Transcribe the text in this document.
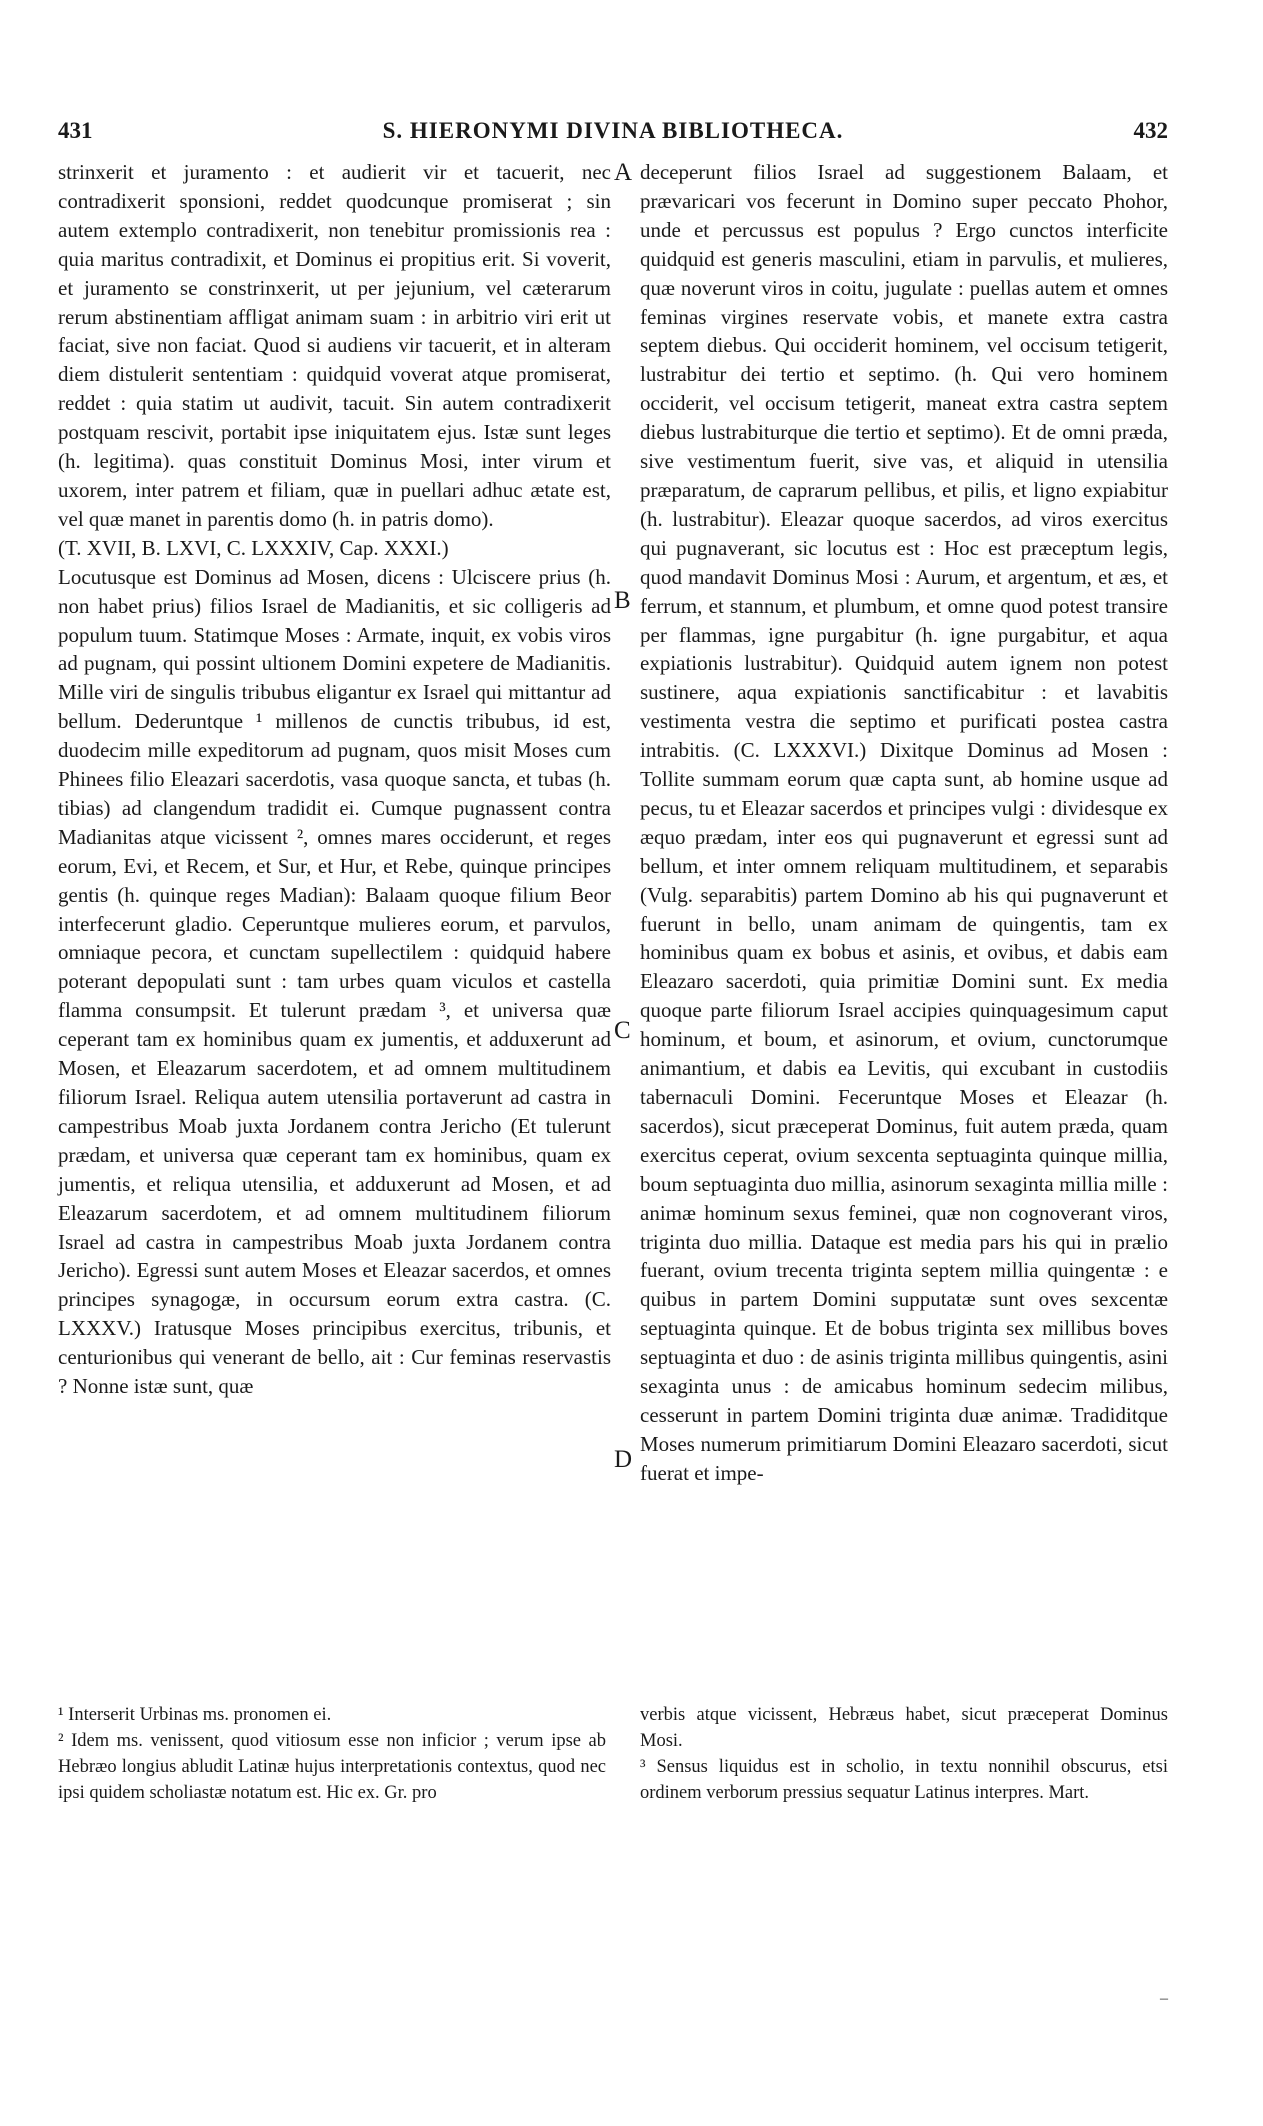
431	S. HIERONYMI DIVINA BIBLIOTHECA.	432

strinxerit et juramento : et audierit vir et tacuerit, nec contradixerit sponsioni, reddet quodcunque promiserat ; sin autem extemplo contradixerit, non tenebitur promissionis rea : quia maritus contradixit, et Dominus ei propitius erit. Si voverit, et juramento se constrinxerit, ut per jejunium, vel cæterarum rerum abstinentiam affligat animam suam : in arbitrio viri erit ut faciat, sive non faciat. Quod si audiens vir tacuerit, et in alteram diem distulerit sententiam : quidquid voverat atque promiserat, reddet : quia statim ut audivit, tacuit. Sin autem contradixerit postquam rescivit, portabit ipse iniquitatem ejus. Istæ sunt leges (h. legitima). quas constituit Dominus Mosi, inter virum et uxorem, inter patrem et filiam, quæ in puellari adhuc ætate est, vel quæ manet in parentis domo (h. in patris domo).

(T. XVII, B. LXVI, C. LXXXIV, Cap. XXXI.)

Locutusque est Dominus ad Mosen, dicens : Ulciscere prius (h. non habet prius) filios Israel de Madianitis, et sic colligeris ad populum tuum. Statimque Moses : Armate, inquit, ex vobis viros ad pugnam, qui possint ultionem Domini expetere de Madianitis. Mille viri de singulis tribubus eligantur ex Israel qui mittantur ad bellum. Dederuntque ¹ millenos de cunctis tribubus, id est, duodecim mille expeditorum ad pugnam, quos misit Moses cum Phinees filio Eleazari sacerdotis, vasa quoque sancta, et tubas (h. tibias) ad clangendum tradidit ei. Cumque pugnassent contra Madianitas atque vicissent ², omnes mares occiderunt, et reges eorum, Evi, et Recem, et Sur, et Hur, et Rebe, quinque principes gentis (h. quinque reges Madian): Balaam quoque filium Beor interfecerunt gladio. Ceperuntque mulieres eorum, et parvulos, omniaque pecora, et cunctam supellectilem : quidquid habere poterant depopulati sunt : tam urbes quam viculos et castella flamma consumpsit. Et tulerunt prædam ³, et universa quæ ceperant tam ex hominibus quam ex jumentis, et adduxerunt ad Mosen, et Eleazarum sacerdotem, et ad omnem multitudinem filiorum Israel. Reliqua autem utensilia portaverunt ad castra in campestribus Moab juxta Jordanem contra Jericho (Et tulerunt prædam, et universa quæ ceperant tam ex hominibus, quam ex jumentis, et reliqua utensilia, et adduxerunt ad Mosen, et ad Eleazarum sacerdotem, et ad omnem multitudinem filiorum Israel ad castra in campestribus Moab juxta Jordanem contra Jericho). Egressi sunt autem Moses et Eleazar sacerdos, et omnes principes synagogæ, in occursum eorum extra castra. (C. LXXXV.) Iratusque Moses principibus exercitus, tribunis, et centurionibus qui venerant de bello, ait : Cur feminas reservastis ? Nonne istæ sunt, quæ

A
B
C
D

deceperunt filios Israel ad suggestionem Balaam, et prævaricari vos fecerunt in Domino super peccato Phohor, unde et percussus est populus ? Ergo cunctos interficite quidquid est generis masculini, etiam in parvulis, et mulieres, quæ noverunt viros in coitu, jugulate : puellas autem et omnes feminas virgines reservate vobis, et manete extra castra septem diebus. Qui occiderit hominem, vel occisum tetigerit, lustrabitur dei tertio et septimo. (h. Qui vero hominem occiderit, vel occisum tetigerit, maneat extra castra septem diebus lustrabiturque die tertio et septimo). Et de omni præda, sive vestimentum fuerit, sive vas, et aliquid in utensilia præparatum, de caprarum pellibus, et pilis, et ligno expiabitur (h. lustrabitur). Eleazar quoque sacerdos, ad viros exercitus qui pugnaverant, sic locutus est : Hoc est præceptum legis, quod mandavit Dominus Mosi : Aurum, et argentum, et æs, et ferrum, et stannum, et plumbum, et omne quod potest transire per flammas, igne purgabitur (h. igne purgabitur, et aqua expiationis lustrabitur). Quidquid autem ignem non potest sustinere, aqua expiationis sanctificabitur : et lavabitis vestimenta vestra die septimo et purificati postea castra intrabitis. (C. LXXXVI.) Dixitque Dominus ad Mosen : Tollite summam eorum quæ capta sunt, ab homine usque ad pecus, tu et Eleazar sacerdos et principes vulgi : dividesque ex æquo prædam, inter eos qui pugnaverunt et egressi sunt ad bellum, et inter omnem reliquam multitudinem, et separabis (Vulg. separabitis) partem Domino ab his qui pugnaverunt et fuerunt in bello, unam animam de quingentis, tam ex hominibus quam ex bobus et asinis, et ovibus, et dabis eam Eleazaro sacerdoti, quia primitiæ Domini sunt. Ex media quoque parte filiorum Israel accipies quinquagesimum caput hominum, et boum, et asinorum, et ovium, cunctorumque animantium, et dabis ea Levitis, qui excubant in custodiis tabernaculi Domini. Feceruntque Moses et Eleazar (h. sacerdos), sicut præceperat Dominus, fuit autem præda, quam exercitus ceperat, ovium sexcenta septuaginta quinque millia, boum septuaginta duo millia, asinorum sexaginta millia mille : animæ hominum sexus feminei, quæ non cognoverant viros, triginta duo millia. Dataque est media pars his qui in prælio fuerant, ovium trecenta triginta septem millia quingentæ : e quibus in partem Domini supputatæ sunt oves sexcentæ septuaginta quinque. Et de bobus triginta sex millibus boves septuaginta et duo : de asinis triginta millibus quingentis, asini sexaginta unus : de amicabus hominum sedecim milibus, cesserunt in partem Domini triginta duæ animæ. Tradiditque Moses numerum primitiarum Domini Eleazaro sacerdoti, sicut fuerat et impe-

¹ Interserit Urbinas ms. pronomen ei.

² Idem ms. venissent, quod vitiosum esse non inficior ; verum ipse ab Hebræo longius abludit Latinæ hujus interpretationis contextus, quod nec ipsi quidem scholiastæ notatum est. Hic ex. Gr. pro

verbis atque vicissent, Hebræus habet, sicut præceperat Dominus Mosi.

³ Sensus liquidus est in scholio, in textu nonnihil obscurus, etsi ordinem verborum pressius sequatur Latinus interpres. Mart.

–
